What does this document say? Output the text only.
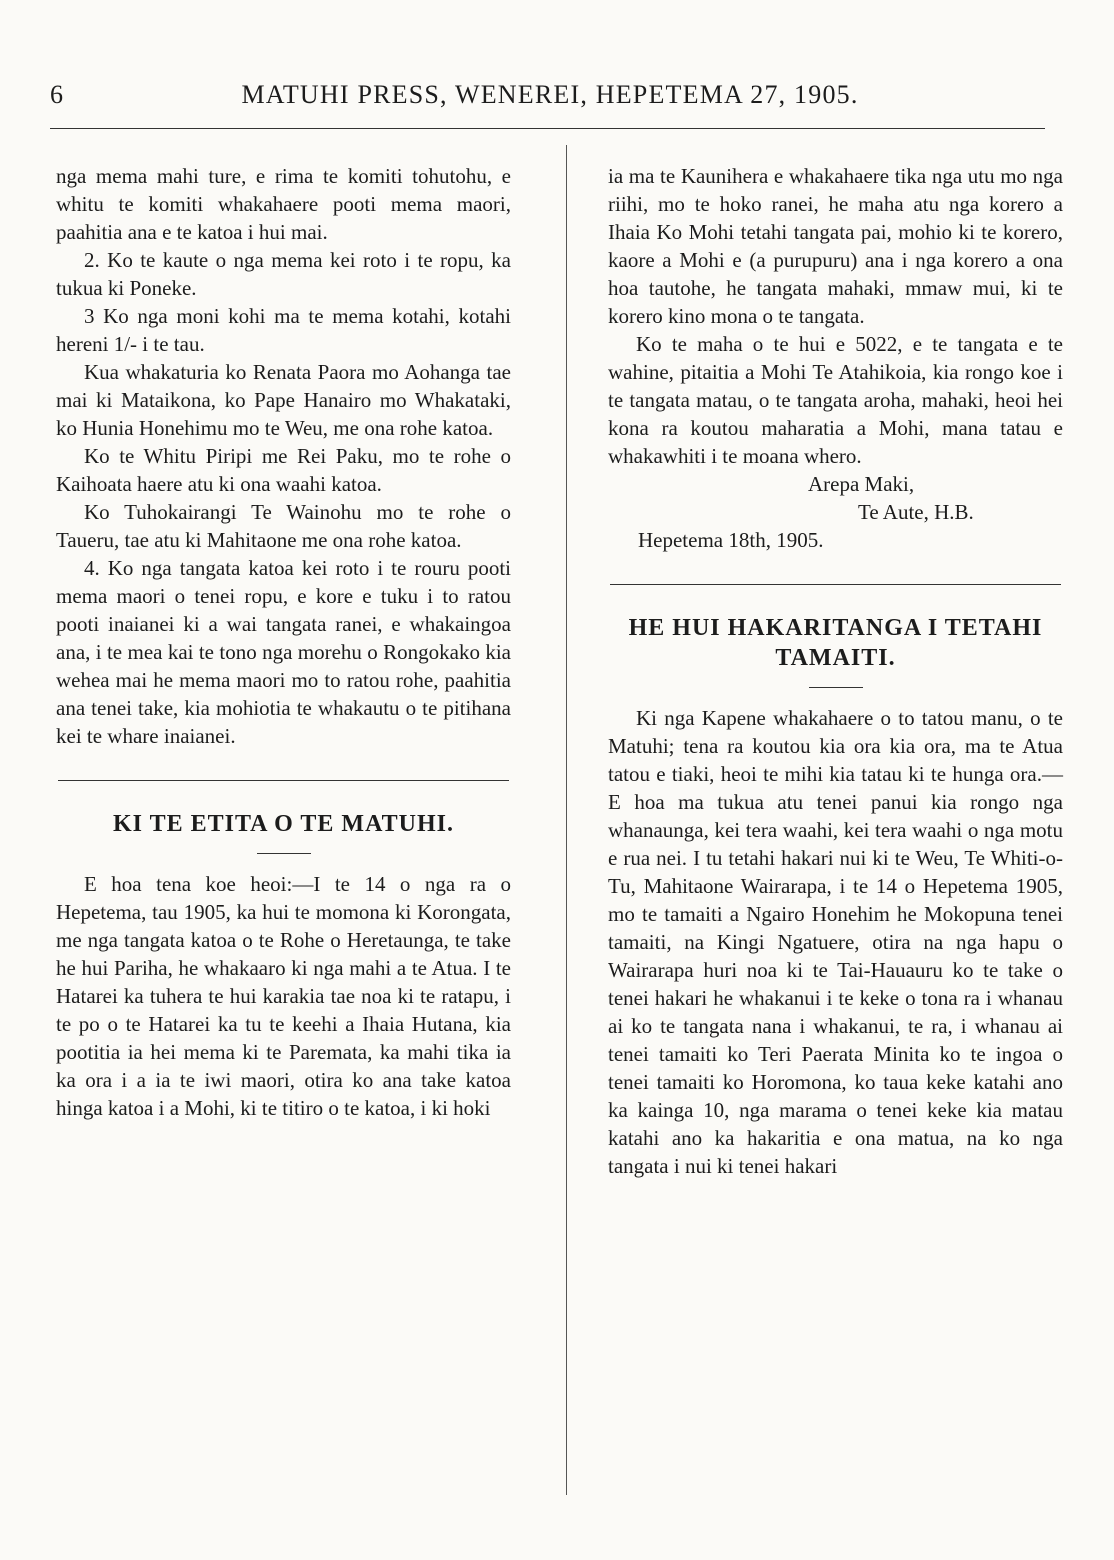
6	MATUHI PRESS, WENEREI, HEPETEMA 27, 1905.

nga mema mahi ture, e rima te komiti tohutohu, e whitu te komiti whakahaere pooti mema maori, paahitia ana e te katoa i hui mai.

2. Ko te kaute o nga mema kei roto i te ropu, ka tukua ki Poneke.

3 Ko nga moni kohi ma te mema kotahi, kotahi hereni 1/- i te tau.

Kua whakaturia ko Renata Paora mo Aohanga tae mai ki Mataikona, ko Pape Hanairo mo Whakataki, ko Hunia Honehimu mo te Weu, me ona rohe katoa.

Ko te Whitu Piripi me Rei Paku, mo te rohe o Kaihoata haere atu ki ona waahi katoa.

Ko Tuhokairangi Te Wainohu mo te rohe o Taueru, tae atu ki Mahitaone me ona rohe katoa.

4. Ko nga tangata katoa kei roto i te rouru pooti mema maori o tenei ropu, e kore e tuku i to ratou pooti inaianei ki a wai tangata ranei, e whakaingoa ana, i te mea kai te tono nga morehu o Rongokako kia wehea mai he mema maori mo to ratou rohe, paahitia ana tenei take, kia mohiotia te whakautu o te pitihana kei te whare inaianei.

KI TE ETITA O TE MATUHI.

E hoa tena koe heoi:—I te 14 o nga ra o Hepetema, tau 1905, ka hui te momona ki Korongata, me nga tangata katoa o te Rohe o Heretaunga, te take he hui Pariha, he whakaaro ki nga mahi a te Atua. I te Hatarei ka tuhera te hui karakia tae noa ki te ratapu, i te po o te Hatarei ka tu te keehi a Ihaia Hutana, kia pootitia ia hei mema ki te Paremata, ka mahi tika ia ka ora i a ia te iwi maori, otira ko ana take katoa hinga katoa i a Mohi, ki te titiro o te katoa, i ki hoki

ia ma te Kaunihera e whakahaere tika nga utu mo nga riihi, mo te hoko ranei, he maha atu nga korero a Ihaia Ko Mohi tetahi tangata pai, mohio ki te korero, kaore a Mohi e (a purupuru) ana i nga korero a ona hoa tautohe, he tangata mahaki, mmaw mui, ki te korero kino mona o te tangata.

Ko te maha o te hui e 5022, e te tangata e te wahine, pitaitia a Mohi Te Atahikoia, kia rongo koe i te tangata matau, o te tangata aroha, mahaki, heoi hei kona ra koutou maharatia a Mohi, mana tatau e whakawhiti i te moana whero.

Arepa Maki,

Te Aute, H.B.

Hepetema 18th, 1905.

HE HUI HAKARITANGA I TETAHI TAMAITI.

Ki nga Kapene whakahaere o to tatou manu, o te Matuhi; tena ra koutou kia ora kia ora, ma te Atua tatou e tiaki, heoi te mihi kia tatau ki te hunga ora.—E hoa ma tukua atu tenei panui kia rongo nga whanaunga, kei tera waahi, kei tera waahi o nga motu e rua nei. I tu tetahi hakari nui ki te Weu, Te Whiti-o-Tu, Mahitaone Wairarapa, i te 14 o Hepetema 1905, mo te tamaiti a Ngairo Honehim he Mokopuna tenei tamaiti, na Kingi Ngatuere, otira na nga hapu o Wairarapa huri noa ki te Tai-Hauauru ko te take o tenei hakari he whakanui i te keke o tona ra i whanau ai ko te tangata nana i whakanui, te ra, i whanau ai tenei tamaiti ko Teri Paerata Minita ko te ingoa o tenei tamaiti ko Horomona, ko taua keke katahi ano ka kainga 10, nga marama o tenei keke kia matau katahi ano ka hakaritia e ona matua, na ko nga tangata i nui ki tenei hakari
